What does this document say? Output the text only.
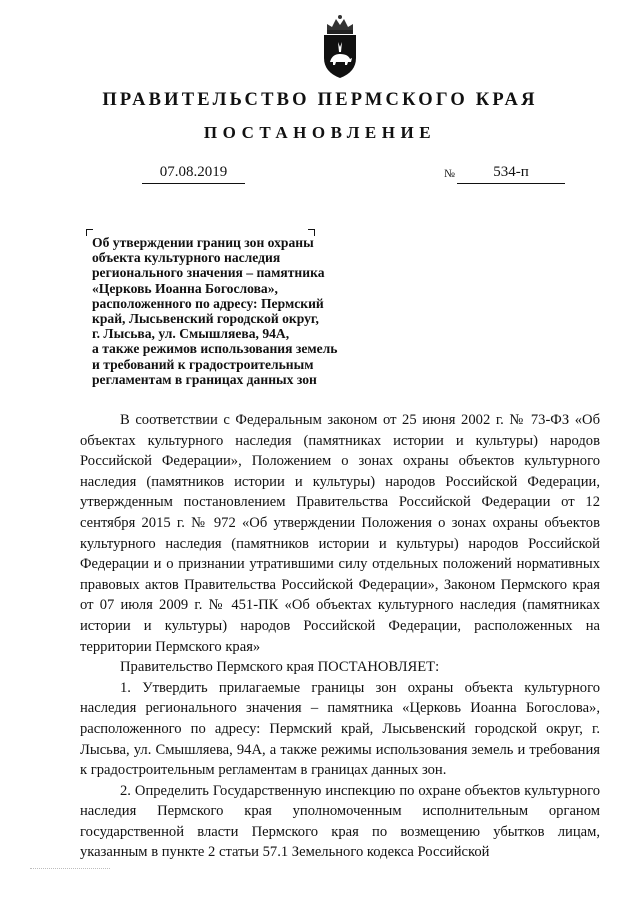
ПРАВИТЕЛЬСТВО ПЕРМСКОГО КРАЯ
ПОСТАНОВЛЕНИЕ
07.08.2019	№	534-п
Об утверждении границ зон охраны
объекта культурного наследия
регионального значения – памятника
«Церковь Иоанна Богослова»,
расположенного по адресу: Пермский
край, Лысьвенский городской округ,
г. Лысьва, ул. Смышляева, 94А,
а также режимов использования земель
и требований к градостроительным
регламентам в границах данных зон

В соответствии с Федеральным законом от 25 июня 2002 г. № 73-ФЗ «Об объектах культурного наследия (памятниках истории и культуры) народов Российской Федерации», Положением о зонах охраны объектов культурного наследия (памятников истории и культуры) народов Российской Федерации, утвержденным постановлением Правительства Российской Федерации от 12 сентября 2015 г. № 972 «Об утверждении Положения о зонах охраны объектов культурного наследия (памятников истории и культуры) народов Российской Федерации и о признании утратившими силу отдельных положений нормативных правовых актов Правительства Российской Федерации», Законом Пермского края от 07 июля 2009 г. № 451-ПК «Об объектах культурного наследия (памятниках истории и культуры) народов Российской Федерации, расположенных на территории Пермского края»

Правительство Пермского края ПОСТАНОВЛЯЕТ:

1. Утвердить прилагаемые границы зон охраны объекта культурного наследия регионального значения – памятника «Церковь Иоанна Богослова», расположенного по адресу: Пермский край, Лысьвенский городской округ, г. Лысьва, ул. Смышляева, 94А, а также режимы использования земель и требования к градостроительным регламентам в границах данных зон.

2. Определить Государственную инспекцию по охране объектов культурного наследия Пермского края уполномоченным исполнительным органом государственной власти Пермского края по возмещению убытков лицам, указанным в пункте 2 статьи 57.1 Земельного кодекса Российской
